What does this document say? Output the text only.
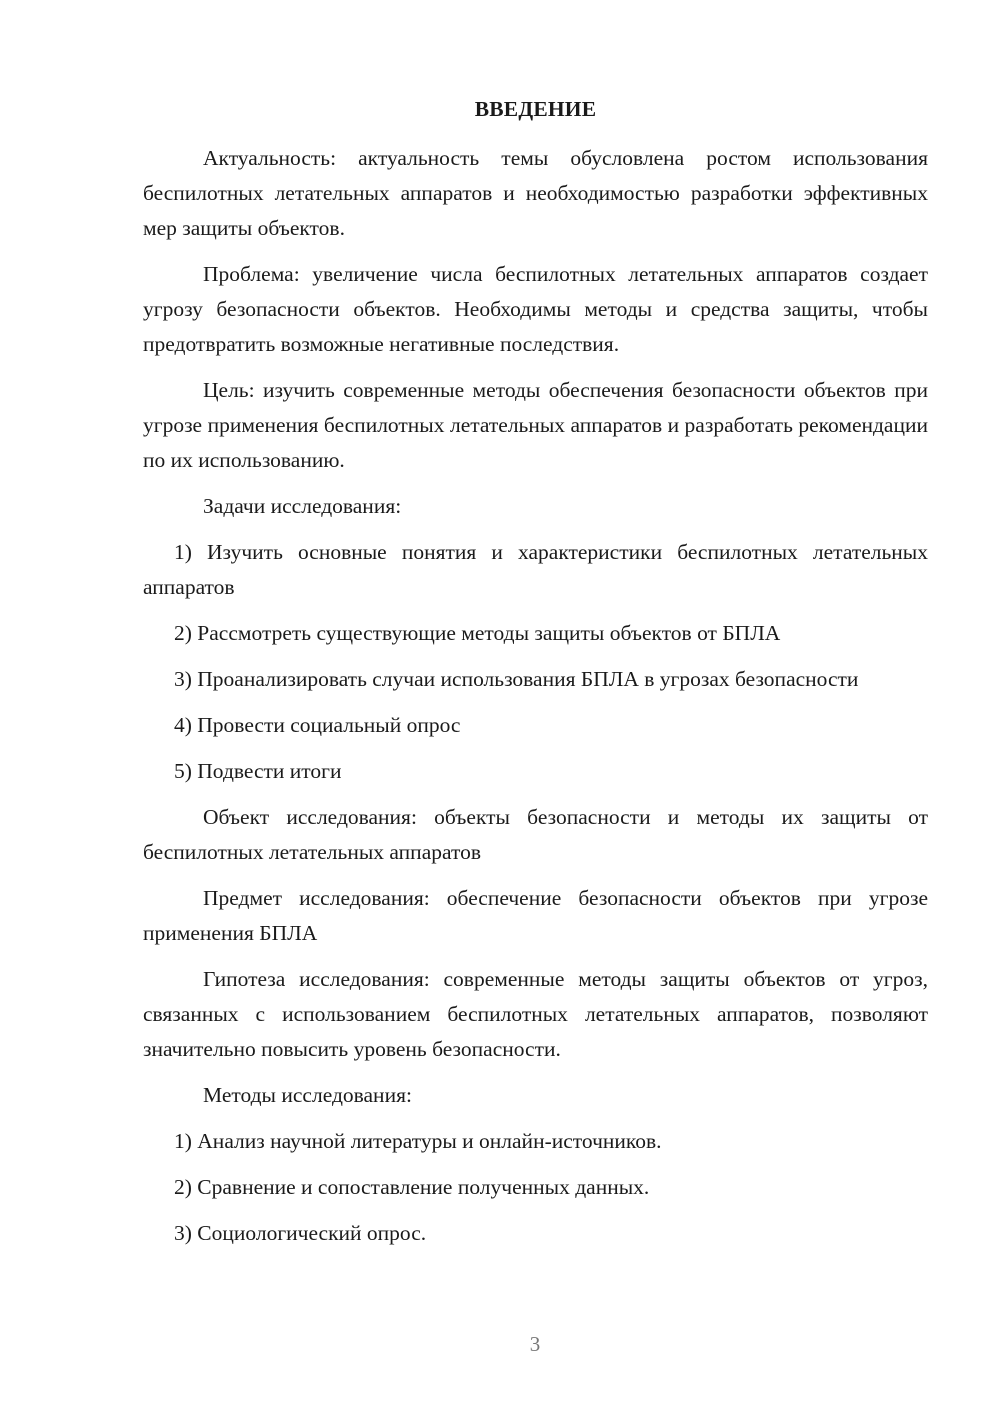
ВВЕДЕНИЕ

Актуальность: актуальность темы обусловлена ростом использования беспилотных летательных аппаратов и необходимостью разработки эффективных мер защиты объектов.

Проблема: увеличение числа беспилотных летательных аппаратов создает угрозу безопасности объектов. Необходимы методы и средства защиты, чтобы предотвратить возможные негативные последствия.

Цель: изучить современные методы обеспечения безопасности объектов при угрозе применения беспилотных летательных аппаратов и разработать рекомендации по их использованию.

Задачи исследования:

1) Изучить основные понятия и характеристики беспилотных летательных аппаратов

2) Рассмотреть существующие методы защиты объектов от БПЛА

3) Проанализировать случаи использования БПЛА в угрозах безопасности

4) Провести социальный опрос

5) Подвести итоги

Объект исследования: объекты безопасности и методы их защиты от беспилотных летательных аппаратов

Предмет исследования: обеспечение безопасности объектов при угрозе применения БПЛА

Гипотеза исследования: современные методы защиты объектов от угроз, связанных с использованием беспилотных летательных аппаратов, позволяют значительно повысить уровень безопасности.

Методы исследования:

1) Анализ научной литературы и онлайн-источников.

2) Сравнение и сопоставление полученных данных.

3) Социологический опрос.

3
